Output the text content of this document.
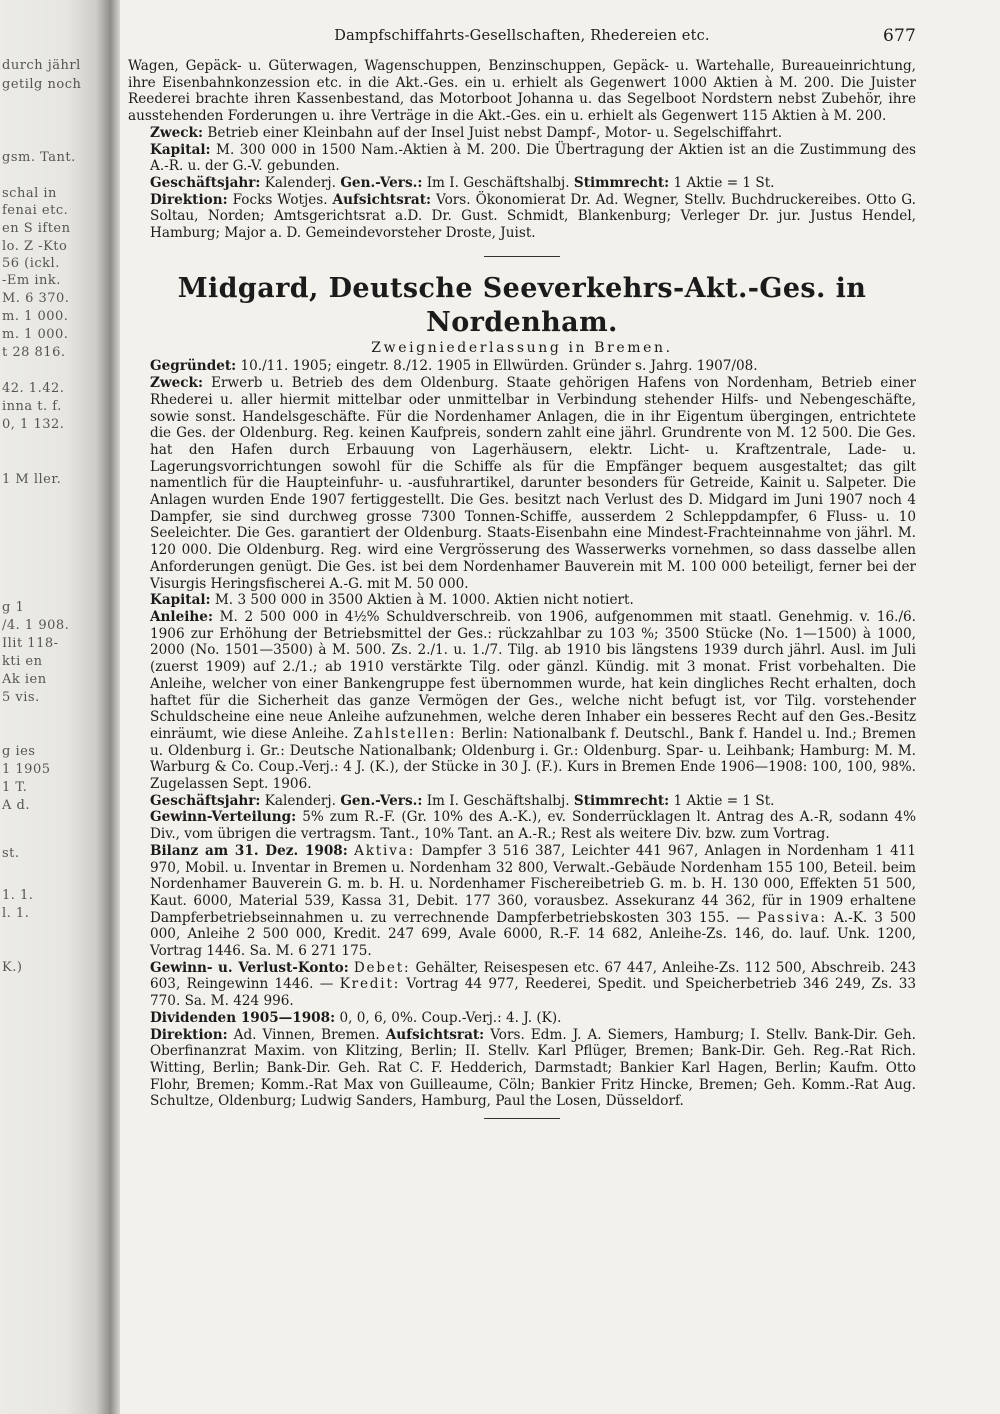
durch jährl
getilg noch
gsm. Tant.
schal in
fenai etc.
en S iften
lo. Z -Kto
56 (ickl.
-Em ink.
M. 6 370.
m. 1 000.
m. 1 000.
t 28 816.
42. 1.42.
inna t. f.
0, 1 132.
1 M ller.
g 1
/4. 1 908.
Ilit 118-
kti en
Ak ien
5 vis.
g ies
1 1905
1 T.
A d.
st.
1. 1.
l. 1.
K.)
Dampfschiffahrts-Gesellschaften, Rhedereien etc.	677

Wagen, Gepäck- u. Güterwagen, Wagenschuppen, Benzinschuppen, Gepäck- u. Wartehalle, Bureaueinrichtung, ihre Eisenbahnkonzession etc. in die Akt.-Ges. ein u. erhielt als Gegenwert 1000 Aktien à M. 200. Die Juister Reederei brachte ihren Kassenbestand, das Motorboot Johanna u. das Segelboot Nordstern nebst Zubehör, ihre ausstehenden Forderungen u. ihre Verträge in die Akt.-Ges. ein u. erhielt als Gegenwert 115 Aktien à M. 200.

Zweck: Betrieb einer Kleinbahn auf der Insel Juist nebst Dampf-, Motor- u. Segelschiffahrt.

Kapital: M. 300 000 in 1500 Nam.-Aktien à M. 200. Die Übertragung der Aktien ist an die Zustimmung des A.-R. u. der G.-V. gebunden.

Geschäftsjahr: Kalenderj. Gen.-Vers.: Im I. Geschäftshalbj. Stimmrecht: 1 Aktie = 1 St.

Direktion: Focks Wotjes. Aufsichtsrat: Vors. Ökonomierat Dr. Ad. Wegner, Stellv. Buchdruckereibes. Otto G. Soltau, Norden; Amtsgerichtsrat a.D. Dr. Gust. Schmidt, Blankenburg; Verleger Dr. jur. Justus Hendel, Hamburg; Major a. D. Gemeindevorsteher Droste, Juist.

Midgard, Deutsche Seeverkehrs-Akt.-Ges. in Nordenham.
Zweigniederlassung in Bremen.

Gegründet: 10./11. 1905; eingetr. 8./12. 1905 in Ellwürden. Gründer s. Jahrg. 1907/08.

Zweck: Erwerb u. Betrieb des dem Oldenburg. Staate gehörigen Hafens von Nordenham, Betrieb einer Rhederei u. aller hiermit mittelbar oder unmittelbar in Verbindung stehender Hilfs- und Nebengeschäfte, sowie sonst. Handelsgeschäfte. Für die Nordenhamer Anlagen, die in ihr Eigentum übergingen, entrichtete die Ges. der Oldenburg. Reg. keinen Kaufpreis, sondern zahlt eine jährl. Grundrente von M. 12 500. Die Ges. hat den Hafen durch Erbauung von Lagerhäusern, elektr. Licht- u. Kraftzentrale, Lade- u. Lagerungsvorrichtungen sowohl für die Schiffe als für die Empfänger bequem ausgestaltet; das gilt namentlich für die Haupteinfuhr- u. -ausfuhrartikel, darunter besonders für Getreide, Kainit u. Salpeter. Die Anlagen wurden Ende 1907 fertiggestellt. Die Ges. besitzt nach Verlust des D. Midgard im Juni 1907 noch 4 Dampfer, sie sind durchweg grosse 7300 Tonnen-Schiffe, ausserdem 2 Schleppdampfer, 6 Fluss- u. 10 Seeleichter. Die Ges. garantiert der Oldenburg. Staats-Eisenbahn eine Mindest-Frachteinnahme von jährl. M. 120 000. Die Oldenburg. Reg. wird eine Vergrösserung des Wasserwerks vornehmen, so dass dasselbe allen Anforderungen genügt. Die Ges. ist bei dem Nordenhamer Bauverein mit M. 100 000 beteiligt, ferner bei der Visurgis Heringsfischerei A.-G. mit M. 50 000.

Kapital: M. 3 500 000 in 3500 Aktien à M. 1000. Aktien nicht notiert.

Anleihe: M. 2 500 000 in 4½% Schuldverschreib. von 1906, aufgenommen mit staatl. Genehmig. v. 16./6. 1906 zur Erhöhung der Betriebsmittel der Ges.: rückzahlbar zu 103 %; 3500 Stücke (No. 1—1500) à 1000, 2000 (No. 1501—3500) à M. 500. Zs. 2./1. u. 1./7. Tilg. ab 1910 bis längstens 1939 durch jährl. Ausl. im Juli (zuerst 1909) auf 2./1.; ab 1910 verstärkte Tilg. oder gänzl. Kündig. mit 3 monat. Frist vorbehalten. Die Anleihe, welcher von einer Bankengruppe fest übernommen wurde, hat kein dingliches Recht erhalten, doch haftet für die Sicherheit das ganze Vermögen der Ges., welche nicht befugt ist, vor Tilg. vorstehender Schuldscheine eine neue Anleihe aufzunehmen, welche deren Inhaber ein besseres Recht auf den Ges.-Besitz einräumt, wie diese Anleihe. Zahlstellen: Berlin: Nationalbank f. Deutschl., Bank f. Handel u. Ind.; Bremen u. Oldenburg i. Gr.: Deutsche Nationalbank; Oldenburg i. Gr.: Oldenburg. Spar- u. Leihbank; Hamburg: M. M. Warburg & Co. Coup.-Verj.: 4 J. (K.), der Stücke in 30 J. (F.). Kurs in Bremen Ende 1906—1908: 100, 100, 98%. Zugelassen Sept. 1906.

Geschäftsjahr: Kalenderj. Gen.-Vers.: Im I. Geschäftshalbj. Stimmrecht: 1 Aktie = 1 St.

Gewinn-Verteilung: 5% zum R.-F. (Gr. 10% des A.-K.), ev. Sonderrücklagen lt. Antrag des A.-R, sodann 4% Div., vom übrigen die vertragsm. Tant., 10% Tant. an A.-R.; Rest als weitere Div. bzw. zum Vortrag.

Bilanz am 31. Dez. 1908: Aktiva: Dampfer 3 516 387, Leichter 441 967, Anlagen in Nordenham 1 411 970, Mobil. u. Inventar in Bremen u. Nordenham 32 800, Verwalt.-Gebäude Nordenham 155 100, Beteil. beim Nordenhamer Bauverein G. m. b. H. u. Nordenhamer Fischereibetrieb G. m. b. H. 130 000, Effekten 51 500, Kaut. 6000, Material 539, Kassa 31, Debit. 177 360, vorausbez. Assekuranz 44 362, für in 1909 erhaltene Dampferbetriebseinnahmen u. zu verrechnende Dampferbetriebskosten 303 155. — Passiva: A.-K. 3 500 000, Anleihe 2 500 000, Kredit. 247 699, Avale 6000, R.-F. 14 682, Anleihe-Zs. 146, do. lauf. Unk. 1200, Vortrag 1446. Sa. M. 6 271 175.

Gewinn- u. Verlust-Konto: Debet: Gehälter, Reisespesen etc. 67 447, Anleihe-Zs. 112 500, Abschreib. 243 603, Reingewinn 1446. — Kredit: Vortrag 44 977, Reederei, Spedit. und Speicherbetrieb 346 249, Zs. 33 770. Sa. M. 424 996.

Dividenden 1905—1908: 0, 0, 6, 0%. Coup.-Verj.: 4. J. (K).

Direktion: Ad. Vinnen, Bremen. Aufsichtsrat: Vors. Edm. J. A. Siemers, Hamburg; I. Stellv. Bank-Dir. Geh. Oberfinanzrat Maxim. von Klitzing, Berlin; II. Stellv. Karl Pflüger, Bremen; Bank-Dir. Geh. Reg.-Rat Rich. Witting, Berlin; Bank-Dir. Geh. Rat C. F. Hedderich, Darmstadt; Bankier Karl Hagen, Berlin; Kaufm. Otto Flohr, Bremen; Komm.-Rat Max von Guilleaume, Cöln; Bankier Fritz Hincke, Bremen; Geh. Komm.-Rat Aug. Schultze, Oldenburg; Ludwig Sanders, Hamburg, Paul the Losen, Düsseldorf.
